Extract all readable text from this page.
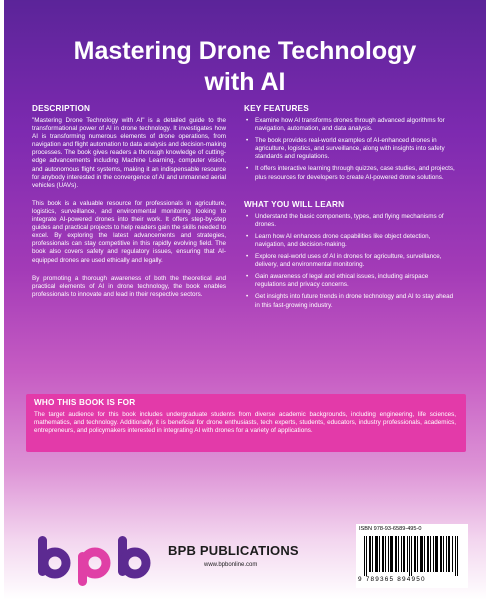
Mastering Drone Technology
with AI
DESCRIPTION
"Mastering Drone Technology with AI" is a detailed guide to the transformational power of AI in drone technology. It investigates how AI is transforming numerous elements of drone operations, from navigation and flight automation to data analysis and decision-making processes. The book gives readers a thorough knowledge of cutting-edge advancements including Machine Learning, computer vision, and autonomous flight systems, making it an indispensable resource for anybody interested in the convergence of AI and unmanned aerial vehicles (UAVs).
This book is a valuable resource for professionals in agriculture, logistics, surveillance, and environmental monitoring looking to integrate AI-powered drones into their work. It offers step-by-step guides and practical projects to help readers gain the skills needed to excel. By exploring the latest advancements and strategies, professionals can stay competitive in this rapidly evolving field. The book also covers safety and regulatory issues, ensuring that AI-equipped drones are used ethically and legally.
By promoting a thorough awareness of both the theoretical and practical elements of AI in drone technology, the book enables professionals to innovate and lead in their respective sectors.
KEY FEATURES
• Examine how AI transforms drones through advanced algorithms for navigation, automation, and data analysis.
• The book provides real-world examples of AI-enhanced drones in agriculture, logistics, and surveillance, along with insights into safety standards and regulations.
• It offers interactive learning through quizzes, case studies, and projects, plus resources for developers to create AI-powered drone solutions.
WHAT YOU WILL LEARN
• Understand the basic components, types, and flying mechanisms of drones.
• Learn how AI enhances drone capabilities like object detection, navigation, and decision-making.
• Explore real-world uses of AI in drones for agriculture, surveillance, delivery, and environmental monitoring.
• Gain awareness of legal and ethical issues, including airspace regulations and privacy concerns.
• Get insights into future trends in drone technology and AI to stay ahead in this fast-growing industry.
WHO THIS BOOK IS FOR
The target audience for this book includes undergraduate students from diverse academic backgrounds, including engineering, life sciences, mathematics, and technology. Additionally, it is beneficial for drone enthusiasts, tech experts, students, educators, industry professionals, academics, entrepreneurs, and policymakers interested in integrating AI with drones for a variety of applications.
BPB PUBLICATIONS
www.bpbonline.com
ISBN 978-93-6589-495-0
9 789365 894950
